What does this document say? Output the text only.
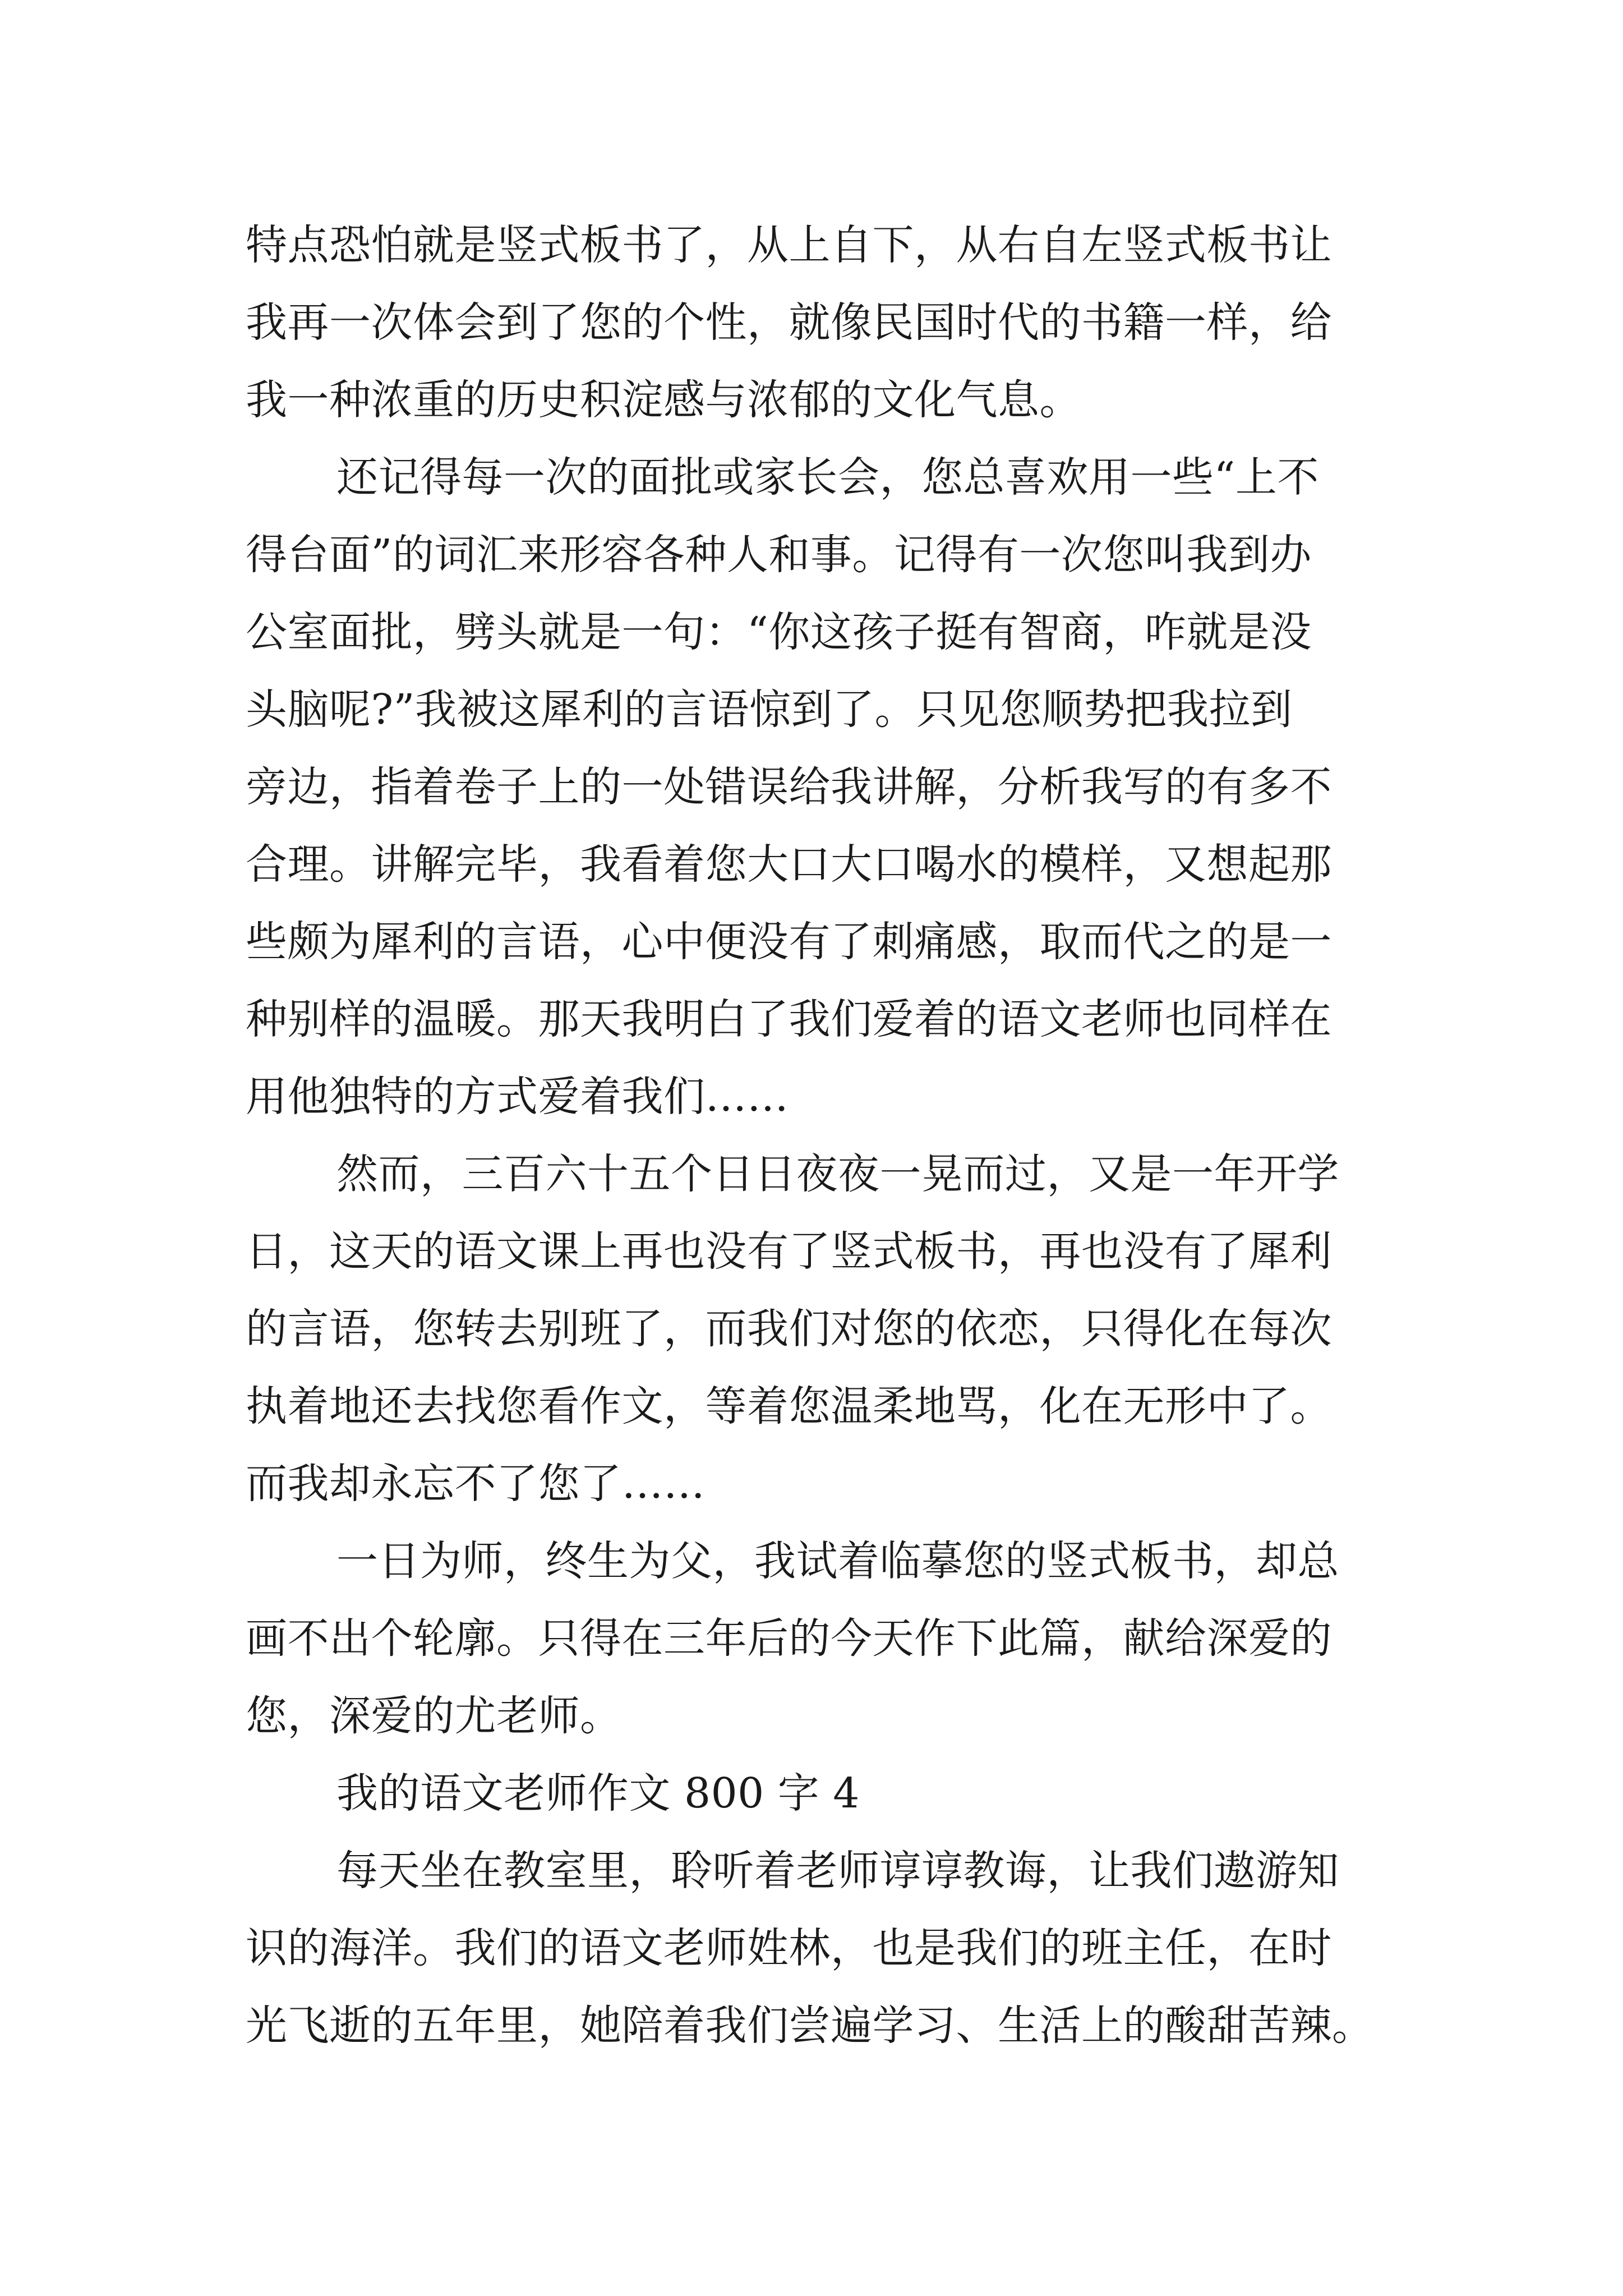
特点恐怕就是竖式板书了，从上自下，从右自左竖式板书让
我再一次体会到了您的个性，就像民国时代的书籍一样，给
我一种浓重的历史积淀感与浓郁的文化气息。
还记得每一次的面批或家长会，您总喜欢用一些“上不
得台面”的词汇来形容各种人和事。记得有一次您叫我到办
公室面批，劈头就是一句：“你这孩子挺有智商，咋就是没
头脑呢?”我被这犀利的言语惊到了。只见您顺势把我拉到
旁边，指着卷子上的一处错误给我讲解，分析我写的有多不
合理。讲解完毕，我看着您大口大口喝水的模样，又想起那
些颇为犀利的言语，心中便没有了刺痛感，取而代之的是一
种别样的温暖。那天我明白了我们爱着的语文老师也同样在
用他独特的方式爱着我们……
然而，三百六十五个日日夜夜一晃而过，又是一年开学
日，这天的语文课上再也没有了竖式板书，再也没有了犀利
的言语，您转去别班了，而我们对您的依恋，只得化在每次
执着地还去找您看作文，等着您温柔地骂，化在无形中了。
而我却永忘不了您了……
一日为师，终生为父，我试着临摹您的竖式板书，却总
画不出个轮廓。只得在三年后的今天作下此篇，献给深爱的
您，深爱的尤老师。
我的语文老师作文 800 字 4
每天坐在教室里，聆听着老师谆谆教诲，让我们遨游知
识的海洋。我们的语文老师姓林，也是我们的班主任，在时
光飞逝的五年里，她陪着我们尝遍学习、生活上的酸甜苦辣。
